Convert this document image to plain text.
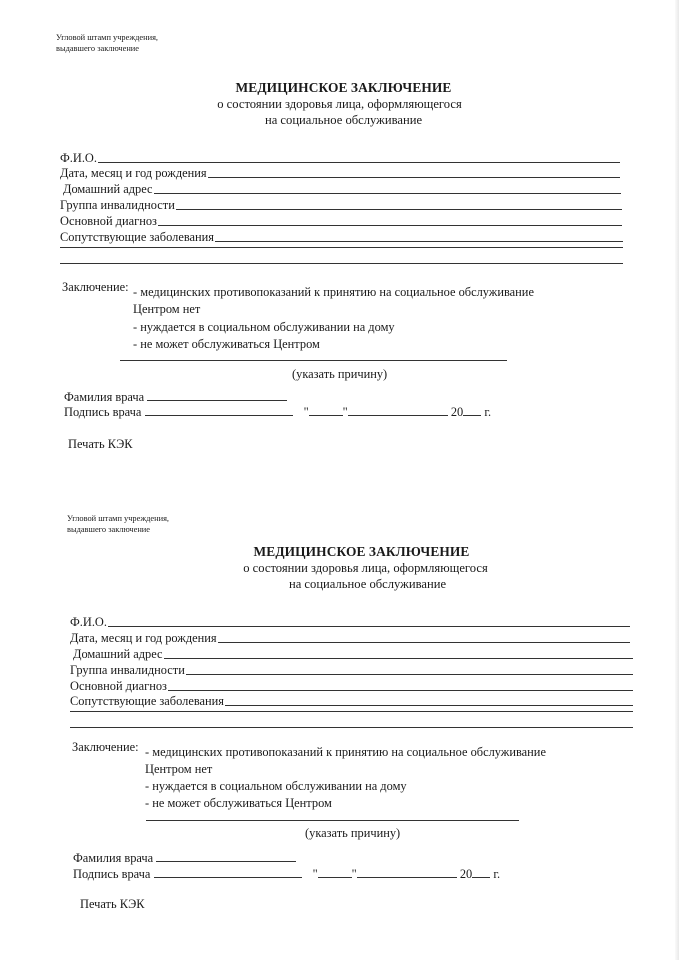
Угловой штамп учреждения,
выдавшего заключение
МЕДИЦИНСКОЕ ЗАКЛЮЧЕНИЕ
о состоянии здоровья лица, оформляющегося
на социальное обслуживание
Ф.И.О.
Дата, месяц и год рождения
Домашний адрес
Группа инвалидности
Основной диагноз
Сопутствующие заболевания
Заключение: - медицинских противопоказаний к принятию на социальное обслуживание
Центром нет
- нуждается в социальном обслуживании на дому
- не может обслуживаться Центром
(указать причину)
Фамилия врача
Подпись врача	"	"	20 г.
Печать КЭК
Угловой штамп учреждения,
выдавшего заключение
МЕДИЦИНСКОЕ ЗАКЛЮЧЕНИЕ
о состоянии здоровья лица, оформляющегося
на социальное обслуживание
Ф.И.О.
Дата, месяц и год рождения
Домашний адрес
Группа инвалидности
Основной диагноз
Сопутствующие заболевания
Заключение: - медицинских противопоказаний к принятию на социальное обслуживание
Центром нет
- нуждается в социальном обслуживании на дому
- не может обслуживаться Центром
(указать причину)
Фамилия врача
Подпись врача	"	"	20 г.
Печать КЭК
